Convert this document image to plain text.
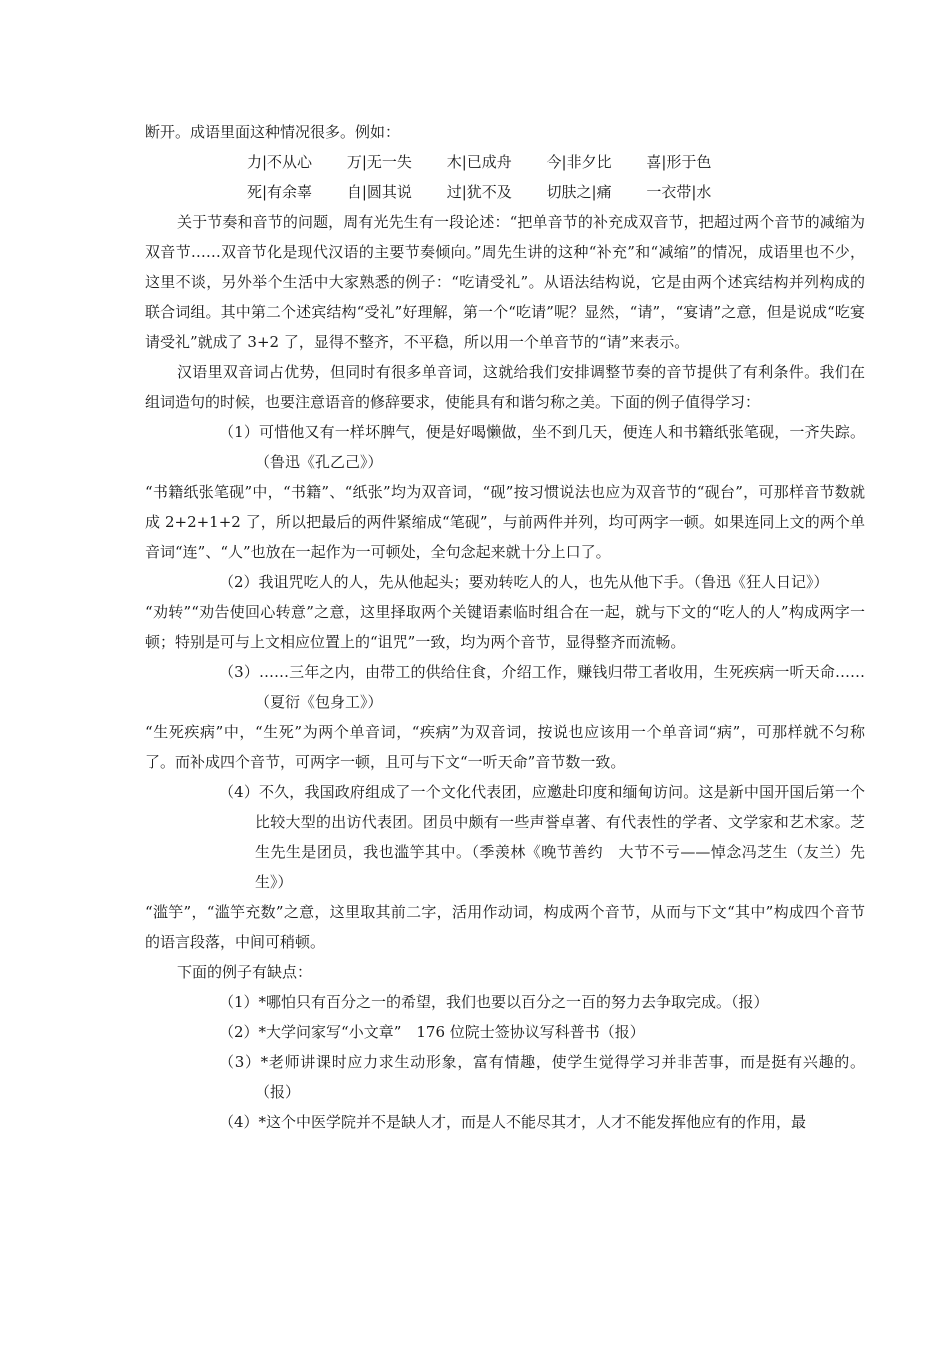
断开。成语里面这种情况很多。例如：

力|不从心 万|无一失 木|已成舟 今|非夕比 喜|形于色

死|有余辜 自|圆其说 过|犹不及 切肤之|痛 一衣带|水

关于节奏和音节的问题，周有光先生有一段论述：“把单音节的补充成双音节，把超过两个音节的减缩为双音节……双音节化是现代汉语的主要节奏倾向。”周先生讲的这种“补充”和“减缩”的情况，成语里也不少，这里不谈，另外举个生活中大家熟悉的例子：“吃请受礼”。从语法结构说，它是由两个述宾结构并列构成的联合词组。其中第二个述宾结构“受礼”好理解，第一个“吃请”呢？显然，“请”，“宴请”之意，但是说成“吃宴请受礼”就成了 3+2 了，显得不整齐，不平稳，所以用一个单音节的“请”来表示。

汉语里双音词占优势，但同时有很多单音词，这就给我们安排调整节奏的音节提供了有利条件。我们在组词造句的时候，也要注意语音的修辞要求，使能具有和谐匀称之美。下面的例子值得学习：

（1）可惜他又有一样坏脾气，便是好喝懒做，坐不到几天，便连人和书籍纸张笔砚，一齐失踪。（鲁迅《孔乙己》）

“书籍纸张笔砚”中，“书籍”、“纸张”均为双音词，“砚”按习惯说法也应为双音节的“砚台”，可那样音节数就成 2+2+1+2 了，所以把最后的两件紧缩成“笔砚”，与前两件并列，均可两字一顿。如果连同上文的两个单音词“连”、“人”也放在一起作为一可顿处，全句念起来就十分上口了。

（2）我诅咒吃人的人，先从他起头；要劝转吃人的人，也先从他下手。（鲁迅《狂人日记》）

“劝转”“劝告使回心转意”之意，这里择取两个关键语素临时组合在一起，就与下文的“吃人的人”构成两字一顿；特别是可与上文相应位置上的“诅咒”一致，均为两个音节，显得整齐而流畅。

（3）……三年之内，由带工的供给住食，介绍工作，赚钱归带工者收用，生死疾病一听天命……（夏衍《包身工》）

“生死疾病”中，“生死”为两个单音词，“疾病”为双音词，按说也应该用一个单音词“病”，可那样就不匀称了。而补成四个音节，可两字一顿，且可与下文“一听天命”音节数一致。

（4）不久，我国政府组成了一个文化代表团，应邀赴印度和缅甸访问。这是新中国开国后第一个比较大型的出访代表团。团员中颇有一些声誉卓著、有代表性的学者、文学家和艺术家。芝生先生是团员，我也滥竽其中。（季羡林《晚节善约　大节不亏——悼念冯芝生（友兰）先生》）

“滥竽”，“滥竽充数”之意，这里取其前二字，活用作动词，构成两个音节，从而与下文“其中”构成四个音节的语言段落，中间可稍顿。

下面的例子有缺点：

（1）*哪怕只有百分之一的希望，我们也要以百分之一百的努力去争取完成。（报）

（2）*大学问家写“小文章”　176 位院士签协议写科普书（报）

（3）*老师讲课时应力求生动形象，富有情趣，使学生觉得学习并非苦事，而是挺有兴趣的。（报）

（4）*这个中医学院并不是缺人才，而是人不能尽其才，人才不能发挥他应有的作用，最
